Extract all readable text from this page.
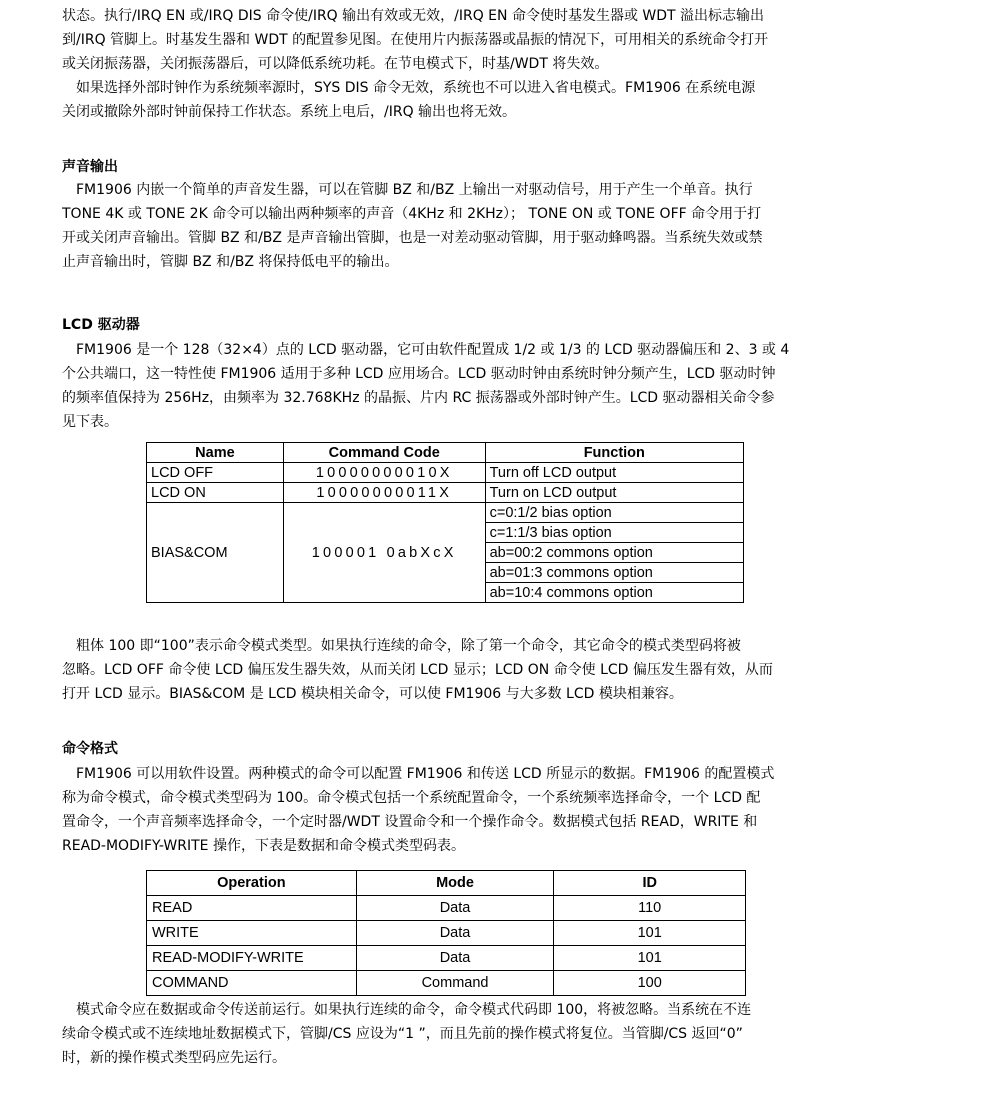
状态。执行/IRQ EN 或/IRQ DIS 命令使/IRQ 输出有效或无效，/IRQ EN 命令使时基发生器或 WDT 溢出标志输出
到/IRQ 管脚上。时基发生器和 WDT 的配置参见图。在使用片内振荡器或晶振的情况下，可用相关的系统命令打开
或关闭振荡器，关闭振荡器后，可以降低系统功耗。在节电模式下，时基/WDT 将失效。
　如果选择外部时钟作为系统频率源时，SYS DIS 命令无效，系统也不可以进入省电模式。FM1906 在系统电源
关闭或撤除外部时钟前保持工作状态。系统上电后，/IRQ 输出也将无效。
声音输出
　FM1906 内嵌一个简单的声音发生器，可以在管脚 BZ 和/BZ 上输出一对驱动信号，用于产生一个单音。执行
TONE 4K 或 TONE 2K 命令可以输出两种频率的声音（4KHz 和 2KHz）； TONE ON 或 TONE OFF 命令用于打
开或关闭声音输出。管脚 BZ 和/BZ 是声音输出管脚，也是一对差动驱动管脚，用于驱动蜂鸣器。当系统失效或禁
止声音输出时，管脚 BZ 和/BZ 将保持低电平的输出。
LCD 驱动器
　FM1906 是一个 128（32×4）点的 LCD 驱动器，它可由软件配置成 1/2 或 1/3 的 LCD 驱动器偏压和 2、3 或 4
个公共端口，这一特性使 FM1906 适用于多种 LCD 应用场合。LCD 驱动时钟由系统时钟分频产生，LCD 驱动时钟
的频率值保持为 256Hz，由频率为 32.768KHz 的晶振、片内 RC 振荡器或外部时钟产生。LCD 驱动器相关命令参
见下表。
Name	Command Code	Function
LCD OFF	10000000010X	Turn off LCD output
LCD ON	10000000011X	Turn on LCD output
BIAS&COM	100001 0abXcX	c=0:1/2 bias option
		c=1:1/3 bias option
		ab=00:2 commons option
		ab=01:3 commons option
		ab=10:4 commons option
　粗体 100 即“100”表示命令模式类型。如果执行连续的命令，除了第一个命令，其它命令的模式类型码将被
忽略。LCD OFF 命令使 LCD 偏压发生器失效，从而关闭 LCD 显示；LCD ON 命令使 LCD 偏压发生器有效，从而
打开 LCD 显示。BIAS&COM 是 LCD 模块相关命令，可以使 FM1906 与大多数 LCD 模块相兼容。
命令格式
　FM1906 可以用软件设置。两种模式的命令可以配置 FM1906 和传送 LCD 所显示的数据。FM1906 的配置模式
称为命令模式，命令模式类型码为 100。命令模式包括一个系统配置命令，一个系统频率选择命令，一个 LCD 配
置命令，一个声音频率选择命令，一个定时器/WDT 设置命令和一个操作命令。数据模式包括 READ，WRITE 和
READ-MODIFY-WRITE 操作，下表是数据和命令模式类型码表。
Operation	Mode	ID
READ	Data	110
WRITE	Data	101
READ-MODIFY-WRITE	Data	101
COMMAND	Command	100
　模式命令应在数据或命令传送前运行。如果执行连续的命令，命令模式代码即 100，将被忽略。当系统在不连
续命令模式或不连续地址数据模式下，管脚/CS 应设为“1 ”，而且先前的操作模式将复位。当管脚/CS 返回“0”
时，新的操作模式类型码应先运行。
